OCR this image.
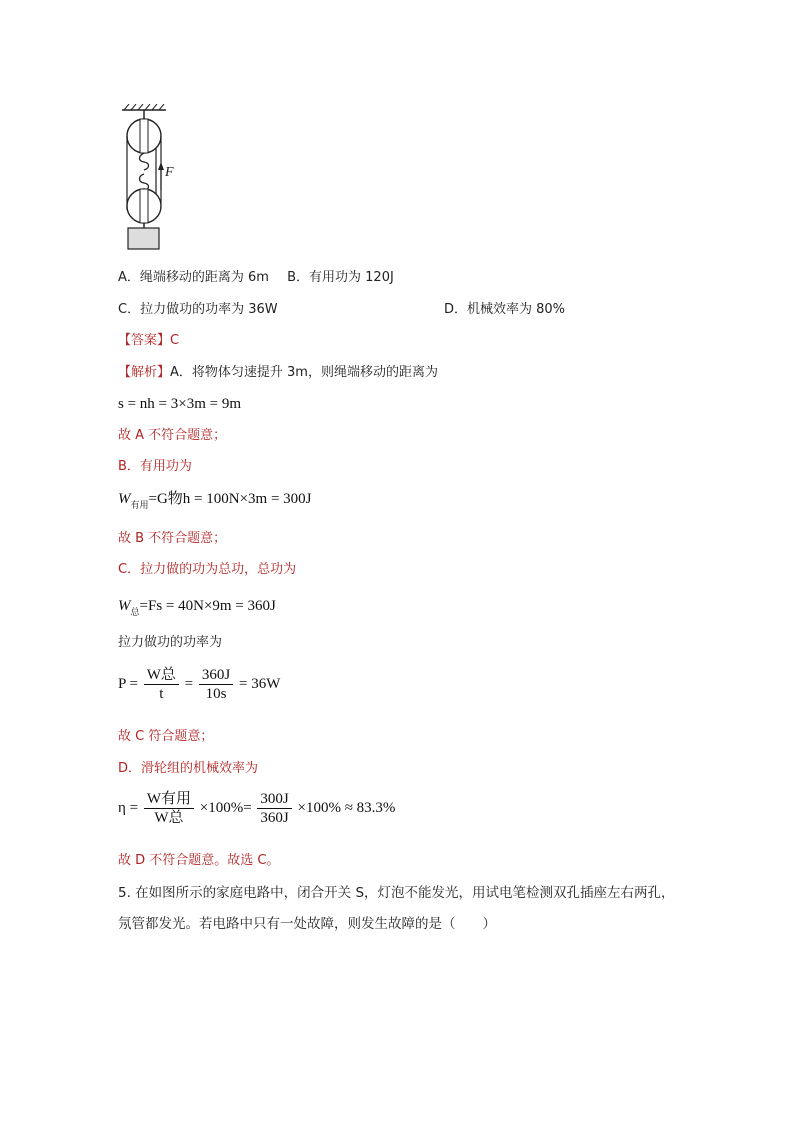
F
A．绳端移动的距离为 6m B．有用功为 120J
C．拉力做功的功率为 36W	D．机械效率为 80%
【答案】C
【解析】A．将物体匀速提升 3m，则绳端移动的距离为
s = nh = 3×3m = 9m
故 A 不符合题意；
B．有用功为
$W_{有用}=G$物h = 100N×3m = 300J
故 B 不符合题意；
C．拉力做的功为总功，总功为
$W_总=Fs = 40N\times 9m = 360J$
拉力做功的功率为
$P = \frac{\text{W总}}{t} = \frac{360J}{10s} = 36W$
故 C 符合题意；
D．滑轮组的机械效率为
$\eta = \frac{\text{W有用}}{\text{W总}} \times 100\%= \frac{300J}{360J} \times 100\% \approx 83.3\%$
故 D 不符合题意。故选 C。
5. 在如图所示的家庭电路中，闭合开关 S，灯泡不能发光，用试电笔检测双孔插座左右两孔，
氖管都发光。若电路中只有一处故障，则发生故障的是（　　）
